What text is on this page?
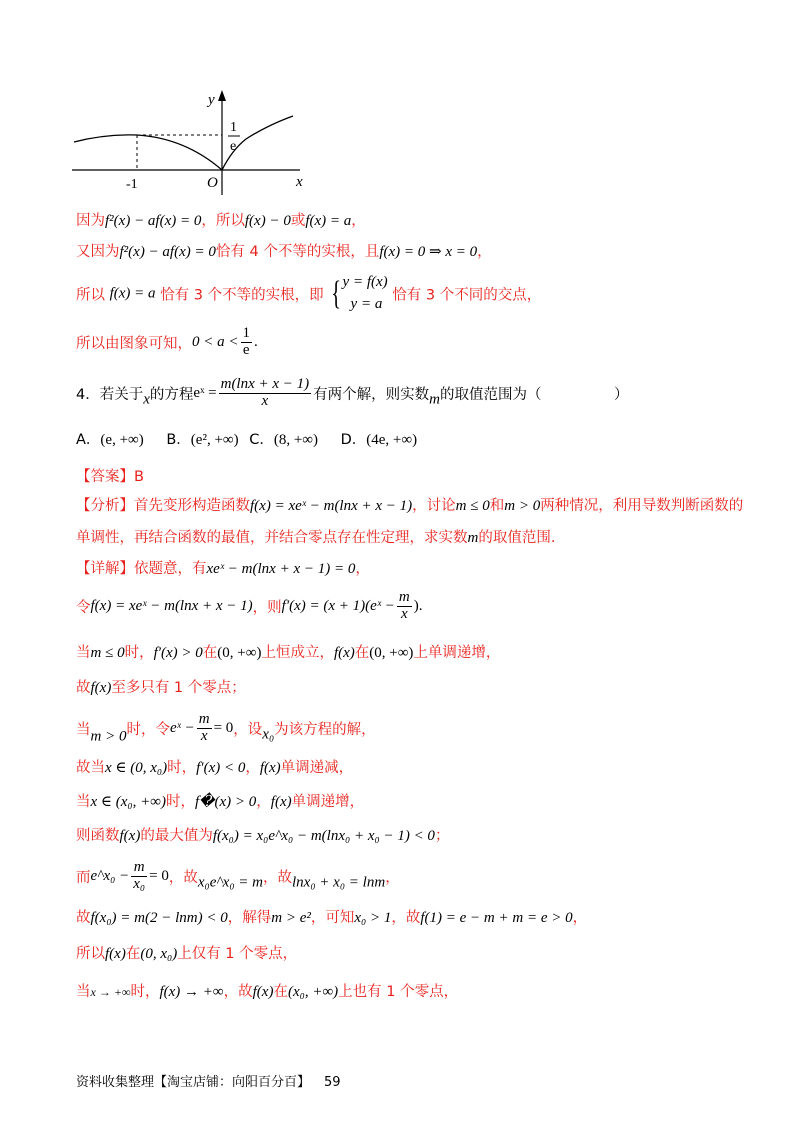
y
x
O
-1
1
e
因为f²(x) − af(x) = 0，所以f(x) − 0或f(x) = a，
又因为f²(x) − af(x) = 0恰有 4 个不等的实根，且f(x) = 0 ⇒ x = 0，
所以 f(x) = a 恰有 3 个不等的实根，即 { y = f(x)
y = a
恰有 3 个不同的交点，
所以由图象可知，$0 < a < \frac{1}{e}$ .
4．若关于x的方程eˣ = $\frac{m(\ln x + x - 1)}{x}$ 有两个解，则实数m的取值范围为（　　　　　）
A．(e, +∞) B．(e², +∞) C．(8, +∞) D．(4e, +∞)
【答案】B
【分析】首先变形构造函数f(x) = xeˣ − m(lnx + x − 1)，讨论m ≤ 0和m > 0两种情况，利用导数判断函数的
单调性，再结合函数的最值，并结合零点存在性定理，求实数m的取值范围.
【详解】依题意，有xeˣ − m(lnx + x − 1) = 0，
令f(x) = xeˣ − m(lnx + x − 1)，则f′(x) = (x + 1)(eˣ − $\frac{m}{x}$ ).
当m ≤ 0时，f′(x) > 0在(0, +∞)上恒成立，f(x)在(0, +∞)上单调递增，
故f(x)至多只有 1 个零点；
当m > 0时，令eˣ − $\frac{m}{x} = 0$，设x₀为该方程的解，
故当x ∈ (0, x₀)时，f′(x) < 0，f(x)单调递减，
当x ∈ (x₀, +∞)时，f�(x) > 0，f(x)单调递增，
则函数f(x)的最大值为f(x₀) = x₀e^x₀ − m(lnx₀ + x₀ − 1) < 0；
而e^x₀ − $\frac{m}{\text{x₀}} = 0$，故x₀e^x₀ = m，故lnx₀ + x₀ = lnm，
故f(x₀) = m(2 − lnm) < 0，解得m > e²，可知x₀ > 1，故f(1) = e − m + m = e > 0，
所以f(x)在(0, x₀)上仅有 1 个零点，
当x → +∞时，f(x) → +∞，故f(x)在(x₀, +∞)上也有 1 个零点，
资料收集整理【淘宝店铺：向阳百分百】 59
